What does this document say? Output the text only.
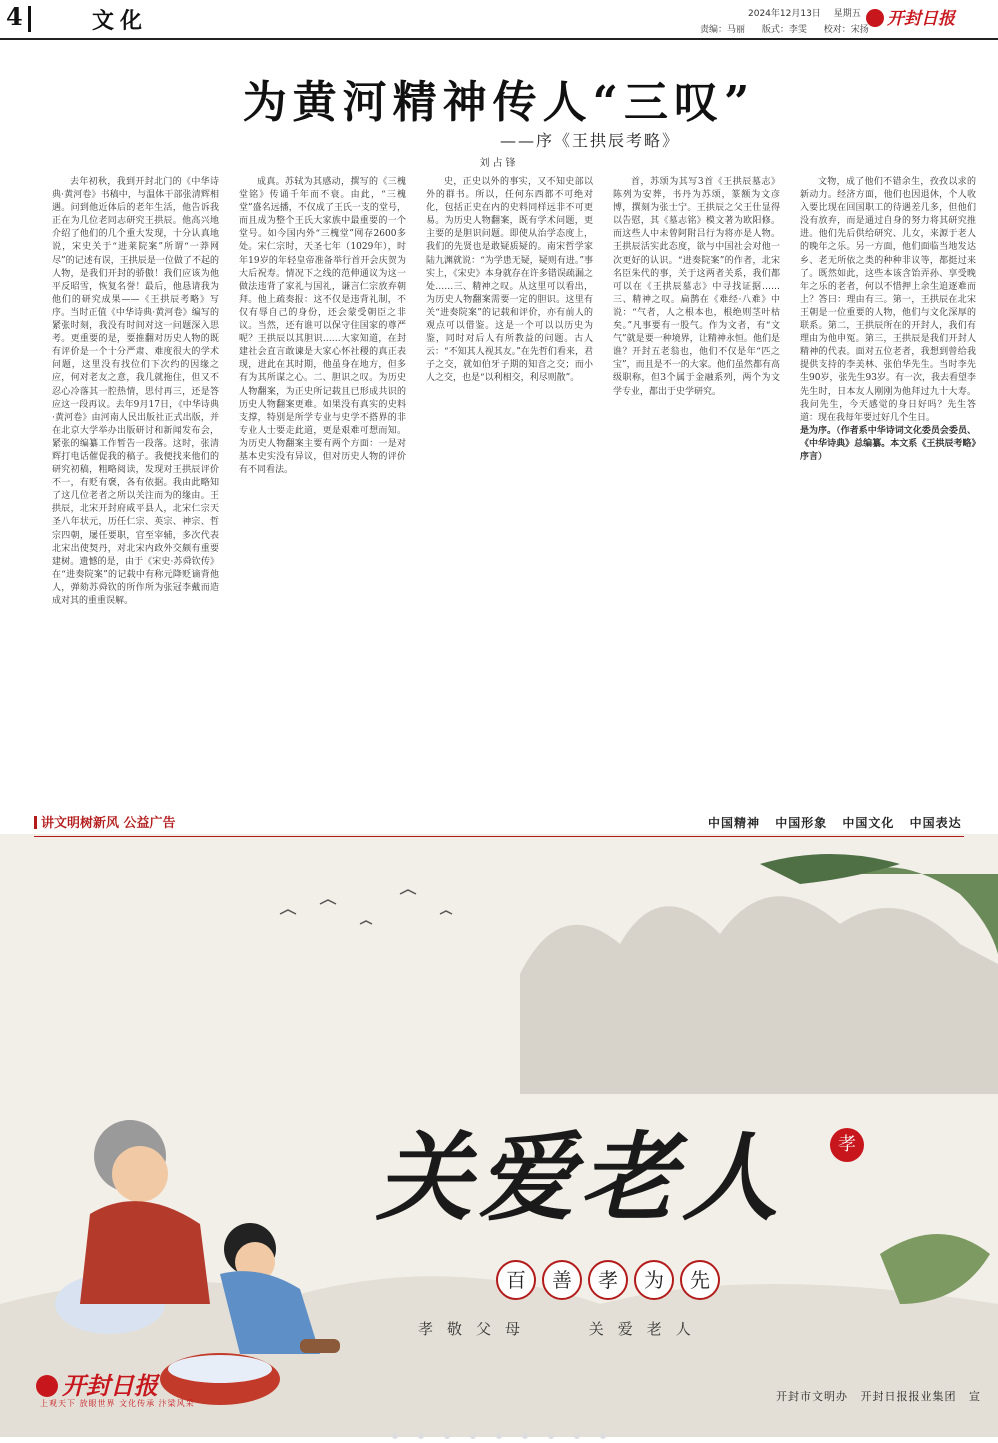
4	文化	2024年12月13日 星期五
责编：马丽 版式：李雯 校对：宋扬
开封日报
为黄河精神传人“三叹”
——序《王拱辰考略》
刘占锋

去年初秋，我到开封北门的《中华诗典·黄河卷》书稿中，与温体干部张清辉相遇。问到他近体后的老年生活，他告诉我正在为几位老同志研究王拱辰。他高兴地介绍了他们的几个重大发现，十分认真地说，宋史关于“进莱院案”所谓“一莽网尽”的记述有误，王拱辰是一位做了不起的人物，是我们开封的骄傲！我们应该为他平反昭雪，恢复名誉！最后，他恳请我为他们的研究成果——《王拱辰考略》写序。当时正值《中华诗典·黄河卷》编写的紧张时刻，我没有时间对这一问题深入思考。更重要的是，要推翻对历史人物的既有评价是一个十分严肃、难度很大的学术问题，这里没有找位们下次约的因缘之应，何对老友之意，我几就拖住，但又不忍心冷落其一腔热情，思付再三，还是答应这一段再议。去年9月17日，《中华诗典·黄河卷》由河南人民出版社正式出版，并在北京大学举办出版研讨和新闻发布会，紧张的编纂工作暂告一段落。这时，张清辉打电话催促我的稿子。我便找来他们的研究初稿，粗略阅读，发现对王拱辰评价不一，有贬有褒，各有依据。我由此略知了这几位老者之所以关注而为的缘由。王拱辰，北宋开封府咸平县人，北宋仁宗天圣八年状元，历任仁宗、英宗、神宗、哲宗四朝，屡任要职，官至宰辅，多次代表北宋出使契丹，对北宋内政外交颇有重要建树。遗憾的是，由于《宋史·苏舜钦传》在“进奏院案”的记载中有称元降贬谪背他人，弹劾苏舜钦的所作所为张冠李戴而造成对其的重重误解。

成真。苏轼为其感动，撰写的《三槐堂铭》传诵千年而不衰。由此，“三槐堂”盛名远播，不仅成了王氏一支的堂号，而且成为整个王氏大家族中最重要的一个堂号。如今国内外“三槐堂”网存2600多处。宋仁宗时，天圣七年（1029年），时年19岁的年轻皇帝准备举行首开会庆贺为大后祝寿。情况下之线的范伸通议为这一做法违背了家礼与国礼，谦言仁宗放弃朝拜。他上疏奏报：这不仅是违背礼制，不仅有辱自己的身份，还会蒙受朝臣之非议。当然，还有谁可以保守住国家的尊严呢？王拱辰以其胆识……大家知道，在封建社会直言敢谏是大家心怀社稷的真正表现，进此在其时期，他虽身在地方，但多有为其所谋之心。二、胆识之叹。为历史人物翻案，为正史所记载且已形成共识的历史人物翻案更难。如果没有真实的史料支撑，特别是所学专业与史学不搭界的非专业人士要走此道，更是艰难可想而知。为历史人物翻案主要有两个方面：一是对基本史实没有异议，但对历史人物的评价有不同看法。

史，正史以外的事实，又不知史部以外的群书。所以，任何东西都不可绝对化，包括正史在内的史料同样远非不可更易。为历史人物翻案，既有学术问题，更主要的是胆识问题。即使从治学态度上，我们的先贤也是敢疑质疑的。南宋哲学家陆九渊就说：“为学患无疑，疑则有进。”事实上，《宋史》本身就存在许多错误疏漏之处……三、精神之叹。从这里可以看出，为历史人物翻案需要一定的胆识。这里有关“进奏院案”的记载和评价，亦有前人的观点可以借鉴。这是一个可以以历史为鉴，同时对后人有所教益的问题。古人云：“不知其人视其友。”在先哲们看来，君子之交，就如伯牙子期的知音之交；而小人之交，也是“以利相交，利尽则散”。

首，苏颂为其写3首《王拱辰墓志》陈列为安葬，书丹为苏颂，篆额为文彦博，撰刻为张士宁。王拱辰之父王仕显得以告慰，其《墓志铭》模文著为欧阳修。而这些人中未曾阿附吕行为将亦是人物。王拱辰活实此态度，欲与中国社会对他一次更好的认识。“进奏院案”的作者，北宋名臣朱代的事，关于这两者关系，我们都可以在《王拱辰墓志》中寻找证据……三、精神之叹。扁鹊在《难经·八难》中说：“气者，人之根本也，根绝则茎叶枯矣。”凡事要有一股气。作为文者，有“文气”就是要一种境界，让精神永恒。他们是谁？开封五老翁也，他们不仅是年“匹之宝”，而且是不一的大家。他们虽然都有高级职称，但3个属于金融系列，两个为文学专业，都出于史学研究。

文物，成了他们不错余生，孜孜以求的新动力。经济方面，他们也因退休，个人收入要比现在回国职工的待遇差几多，但他们没有放弃，而是通过自身的努力将其研究推进。他们先后供给研究、儿女，来源于老人的晚年之乐。另一方面，他们面临当地发达乡、老无所依之类的种种非议等，都挺过来了。既然如此，这些本该含饴弄孙、享受晚年之乐的老者，何以不惜押上余生追逐难而上？答曰：理由有三。第一，王拱辰在北宋王朝是一位重要的人物，他们与文化深厚的联系。第二，王拱辰所在的开封人，我们有理由为他申冤。第三，王拱辰是我们开封人精神的代表。面对五位老者，我想到曾给我提供支持的李美林、张伯华先生。当时李先生90岁，张先生93岁。有一次，我去看望李先生时，日本友人刚刚为他拜过九十大寿。我问先生，今天感觉的身日好吗？先生答道：现在我每年要过好几个生日。

是为序。（作者系中华诗词文化委员会委员、《中华诗典》总编纂。本文系《王拱辰考略》序言）

讲文明树新风 公益广告	中国精神 中国形象 中国文化 中国表达
关爱老人	孝
百 善 孝 为 先
孝敬父母	关爱老人
开封日报
上观天下 放眼世界 文化传承 汴梁风采
开封市文明办 开封日报报业集团 宣
